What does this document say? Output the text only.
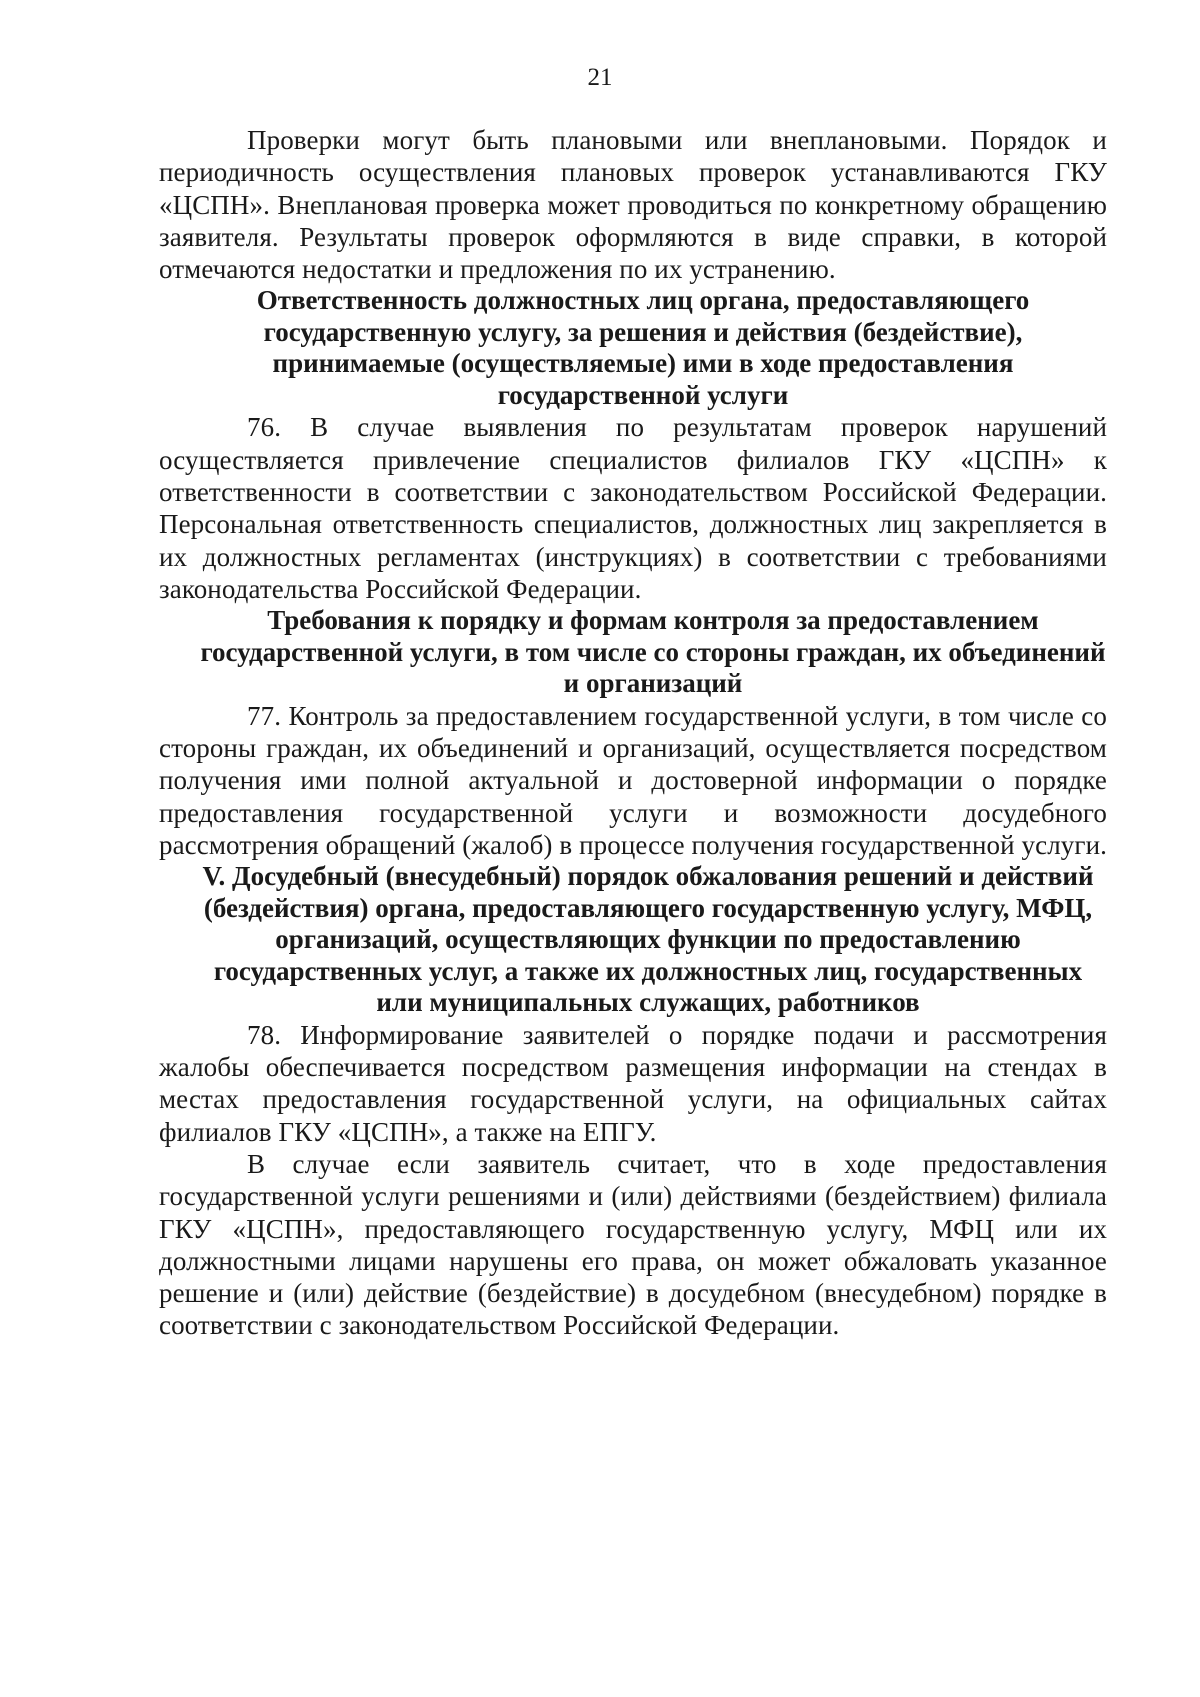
21

Проверки могут быть плановыми или внеплановыми. Порядок и периодичность осуществления плановых проверок устанавливаются ГКУ «ЦСПН». Внеплановая проверка может проводиться по конкретному обращению заявителя. Результаты проверок оформляются в виде справки, в которой отмечаются недостатки и предложения по их устранению.

Ответственность должностных лиц органа, предоставляющего государственную услугу, за решения и действия (бездействие), принимаемые (осуществляемые) ими в ходе предоставления государственной услуги

76. В случае выявления по результатам проверок нарушений осуществляется привлечение специалистов филиалов ГКУ «ЦСПН» к ответственности в соответствии с законодательством Российской Федерации. Персональная ответственность специалистов, должностных лиц закрепляется в их должностных регламентах (инструкциях) в соответствии с требованиями законодательства Российской Федерации.

Требования к порядку и формам контроля за предоставлением государственной услуги, в том числе со стороны граждан, их объединений и организаций

77. Контроль за предоставлением государственной услуги, в том числе со стороны граждан, их объединений и организаций, осуществляется посредством получения ими полной актуальной и достоверной информации о порядке предоставления государственной услуги и возможности досудебного рассмотрения обращений (жалоб) в процессе получения государственной услуги.

V. Досудебный (внесудебный) порядок обжалования решений и действий (бездействия) органа, предоставляющего государственную услугу, МФЦ, организаций, осуществляющих функции по предоставлению государственных услуг, а также их должностных лиц, государственных или муниципальных служащих, работников

78. Информирование заявителей о порядке подачи и рассмотрения жалобы обеспечивается посредством размещения информации на стендах в местах предоставления государственной услуги, на официальных сайтах филиалов ГКУ «ЦСПН», а также на ЕПГУ.

В случае если заявитель считает, что в ходе предоставления государственной услуги решениями и (или) действиями (бездействием) филиала ГКУ «ЦСПН», предоставляющего государственную услугу, МФЦ или их должностными лицами нарушены его права, он может обжаловать указанное решение и (или) действие (бездействие) в досудебном (внесудебном) порядке в соответствии с законодательством Российской Федерации.
